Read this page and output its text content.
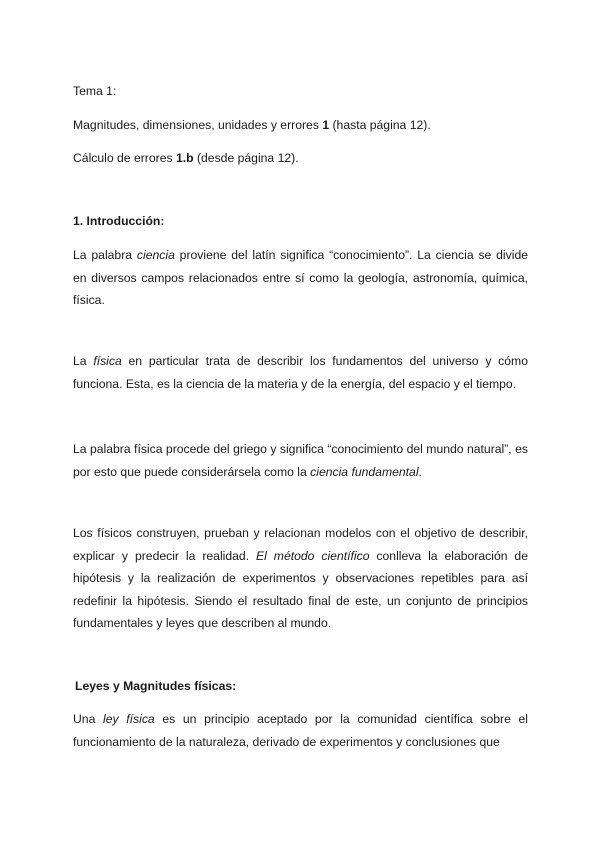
Tema 1:
Magnitudes, dimensiones, unidades y errores 1 (hasta página 12).
Cálculo de errores 1.b (desde página 12).
1. Introducción:
La palabra ciencia proviene del latín significa “conocimiento”. La ciencia se divide en diversos campos relacionados entre sí como la geología, astronomía, química, física.
La física en particular trata de describir los fundamentos del universo y cómo funciona. Esta, es la ciencia de la materia y de la energía, del espacio y el tiempo.
La palabra física procede del griego y significa “conocimiento del mundo natural”, es por esto que puede considerársela como la ciencia fundamental.
Los físicos construyen, prueban y relacionan modelos con el objetivo de describir, explicar y predecir la realidad. El método científico conlleva la elaboración de hipótesis y la realización de experimentos y observaciones repetibles para así redefinir la hipótesis. Siendo el resultado final de este, un conjunto de principios fundamentales y leyes que describen al mundo.
Leyes y Magnitudes físicas:
Una ley física es un principio aceptado por la comunidad científica sobre el funcionamiento de la naturaleza, derivado de experimentos y conclusiones que
